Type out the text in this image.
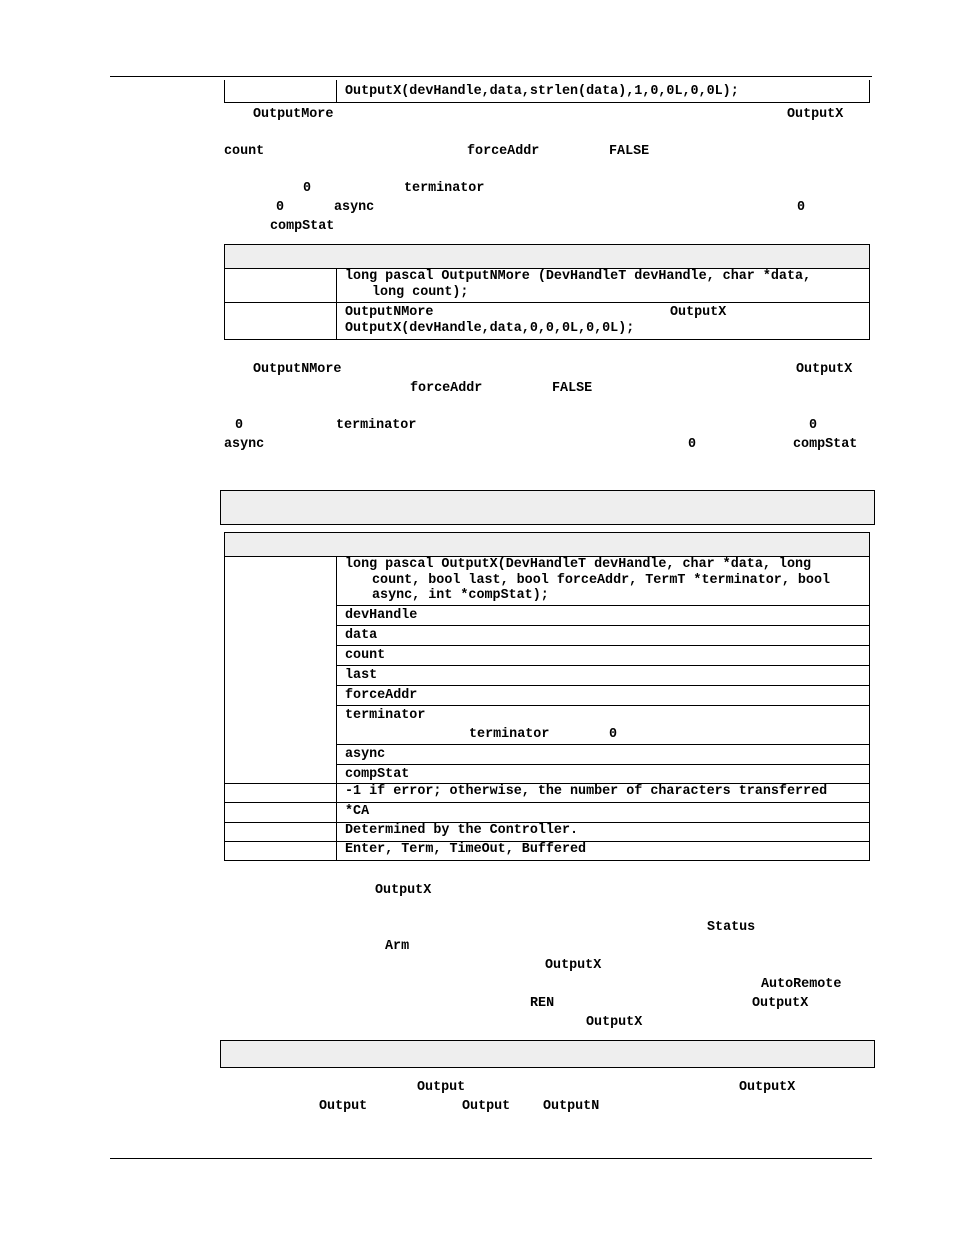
OutputX(devHandle,data,strlen(data),1,0,0L,0,0L);
OutputMore	OutputX
count	forceAddr	FALSE
0	terminator
0	async	0
compStat
long pascal OutputNMore (DevHandleT devHandle, char *data,
long count);
OutputNMore	OutputX
OutputX(devHandle,data,0,0,0L,0,0L);
OutputNMore	OutputX
forceAddr	FALSE
0	terminator	0
async	0	compStat
long pascal OutputX(DevHandleT devHandle, char *data, long
count, bool last, bool forceAddr, TermT *terminator, bool
async, int *compStat);
devHandle
data
count
last
forceAddr
terminator
terminator	0
async
compStat
-1 if error; otherwise, the number of characters transferred
*CA
Determined by the Controller.
Enter, Term, TimeOut, Buffered
OutputX
Status
Arm
OutputX
AutoRemote
REN	OutputX
OutputX
Output	OutputX
Output	Output OutputN
